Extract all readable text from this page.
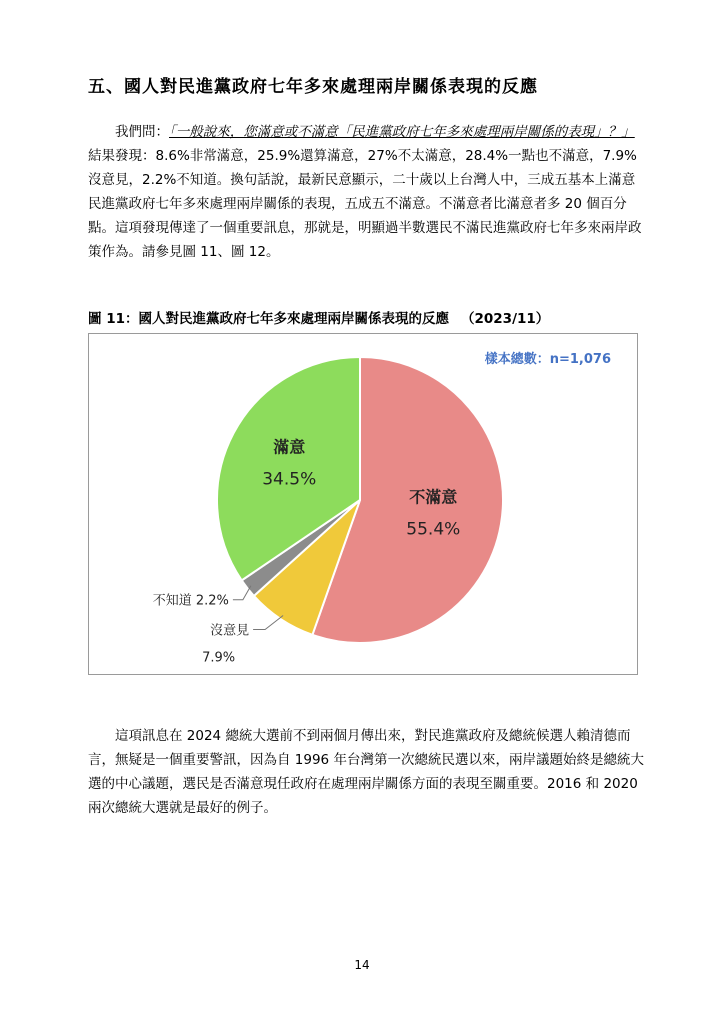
五、國人對民進黨政府七年多來處理兩岸關係表現的反應
我們問：「一般說來，您滿意或不滿意「民進黨政府七年多來處理兩岸關係的表現」？」結果發現：8.6%非常滿意，25.9%還算滿意，27%不太滿意，28.4%一點也不滿意，7.9%沒意見，2.2%不知道。換句話說，最新民意顯示，二十歲以上台灣人中，三成五基本上滿意民進黨政府七年多來處理兩岸關係的表現，五成五不滿意。不滿意者比滿意者多 20 個百分點。這項發現傳達了一個重要訊息，那就是，明顯過半數選民不滿民進黨政府七年多來兩岸政策作為。請參見圖 11、圖 12。
圖 11：國人對民進黨政府七年多來處理兩岸關係表現的反應 （2023/11）
樣本總數：n=1,076
不滿意
55.4%
滿意
34.5%
沒意見
7.9%
不知道 2.2%
這項訊息在 2024 總統大選前不到兩個月傳出來，對民進黨政府及總統候選人賴清德而言，無疑是一個重要警訊，因為自 1996 年台灣第一次總統民選以來，兩岸議題始終是總統大選的中心議題，選民是否滿意現任政府在處理兩岸關係方面的表現至關重要。2016 和 2020 兩次總統大選就是最好的例子。
14
